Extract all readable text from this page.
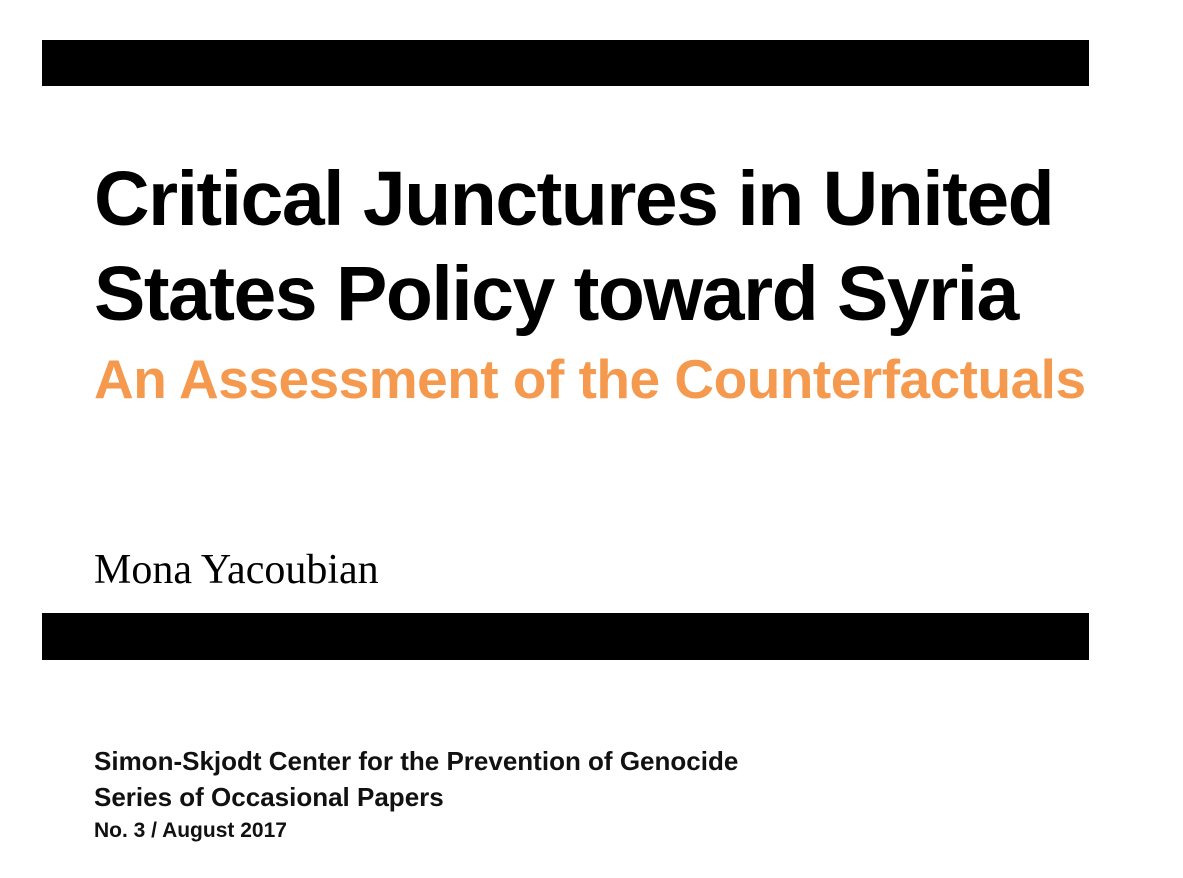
Critical Junctures in United
States Policy toward Syria
An Assessment of the Counterfactuals

Mona Yacoubian

Simon-Skjodt Center for the Prevention of Genocide
Series of Occasional Papers
No. 3 / August 2017
